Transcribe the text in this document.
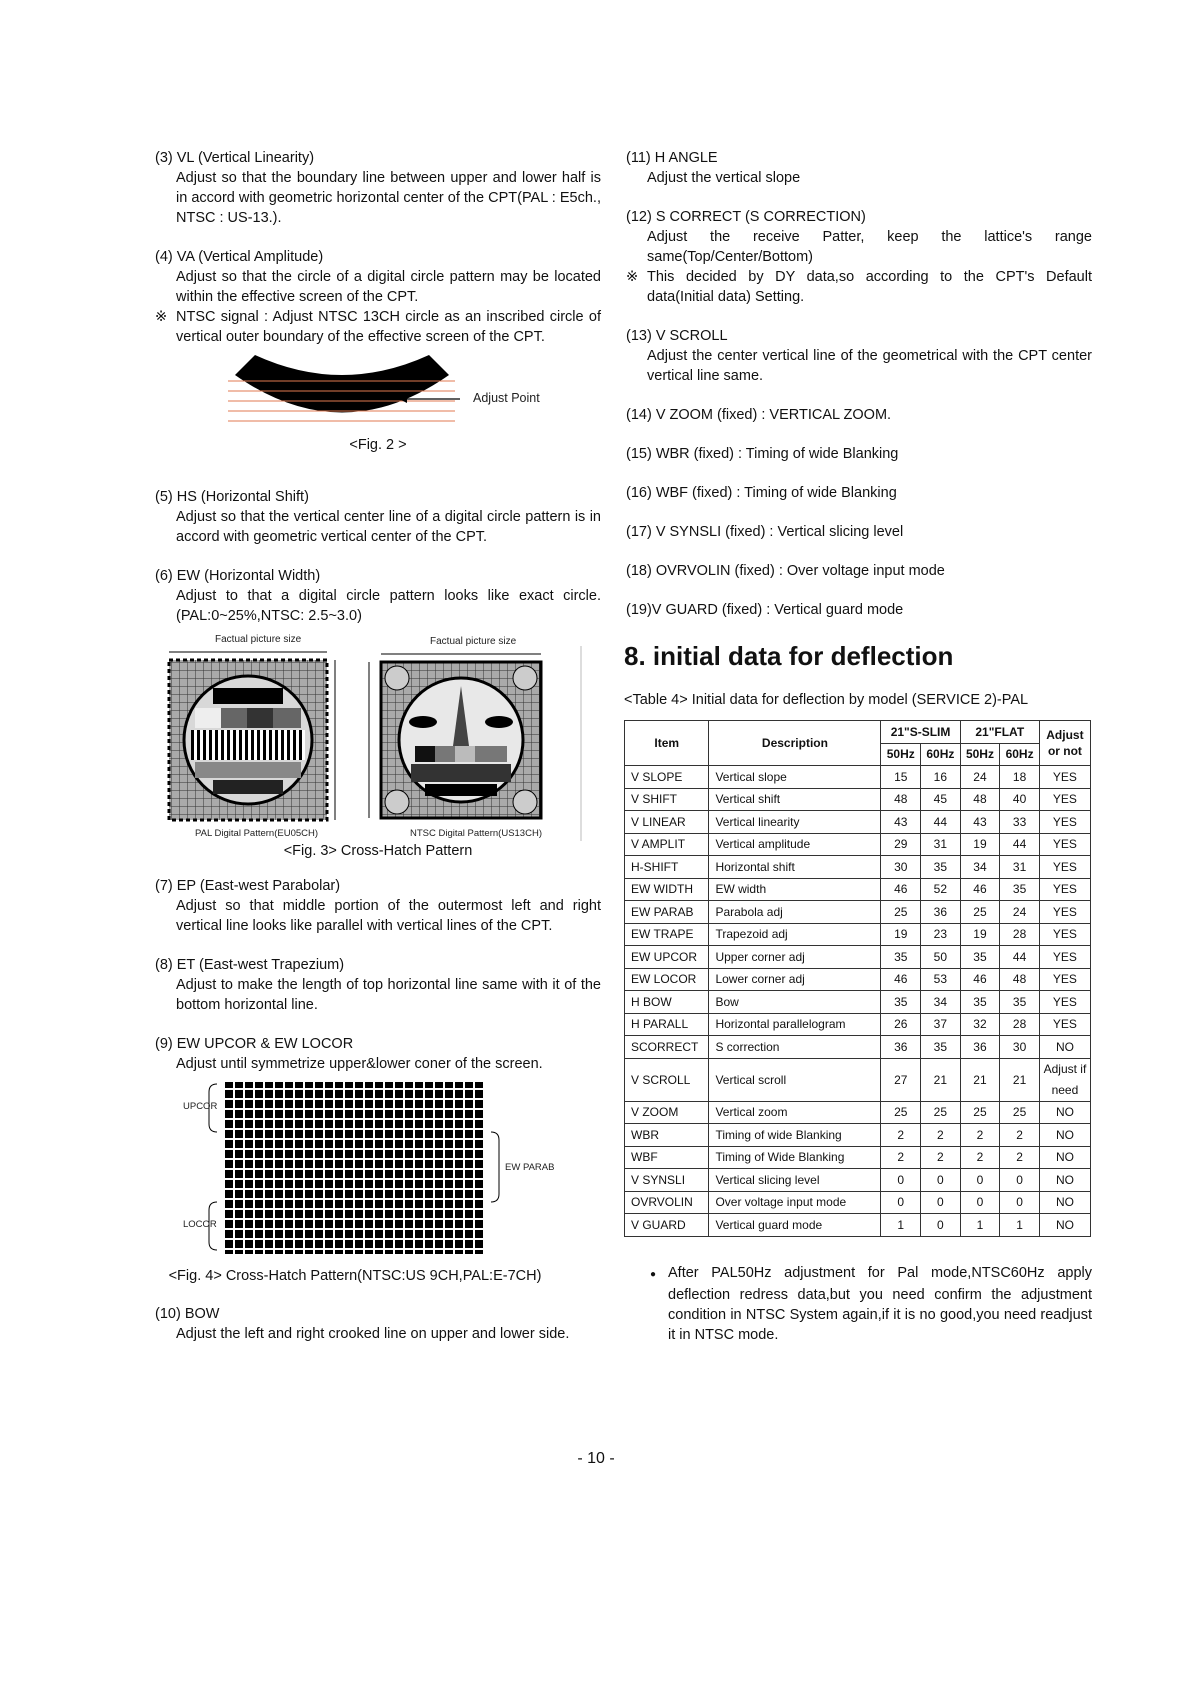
(3) VL (Vertical Linearity)

Adjust so that the boundary line between upper and lower half is in accord with geometric horizontal center of the CPT(PAL : E5ch., NTSC : US-13.).

(4) VA (Vertical Amplitude)

Adjust so that the circle of a digital circle pattern may be located within the effective screen of the CPT.

※ NTSC signal : Adjust NTSC 13CH circle as an inscribed circle of vertical outer boundary of the effective screen of the CPT.

Adjust Point
<Fig. 2 >

(5) HS (Horizontal Shift)

Adjust so that the vertical center line of a digital circle pattern is in accord with geometric vertical center of the CPT.

(6) EW (Horizontal Width)

Adjust to that a digital circle pattern looks like exact circle.(PAL:0~25%,NTSC: 2.5~3.0)

Factual picture size	Factual picture size
PAL Digital Pattern(EU05CH)	NTSC Digital Pattern(US13CH)
<Fig. 3> Cross-Hatch Pattern

(7) EP (East-west Parabolar)

Adjust so that middle portion of the outermost left and right vertical line looks like parallel with vertical lines of the CPT.

(8) ET (East-west Trapezium)

Adjust to make the length of top horizontal line same with it of the bottom horizontal line.

(9) EW UPCOR & EW LOCOR

Adjust until symmetrize upper&lower coner of the screen.

UPCOR
LOCOR
EW PARAB
<Fig. 4> Cross-Hatch Pattern(NTSC:US 9CH,PAL:E-7CH)

(10) BOW

Adjust the left and right crooked line on upper and lower side.

(11) H ANGLE

Adjust the vertical slope

(12) S CORRECT (S CORRECTION)

Adjust the receive Patter, keep the lattice's range same(Top/Center/Bottom)

※ This decided by DY data,so according to the CPT's Default data(Initial data) Setting.

(13) V SCROLL

Adjust the center vertical line of the geometrical with the CPT center vertical line same.

(14) V ZOOM (fixed) : VERTICAL ZOOM.

(15) WBR (fixed) : Timing of wide Blanking

(16) WBF (fixed) : Timing of wide Blanking

(17) V SYNSLI (fixed) : Vertical slicing level

(18) OVRVOLIN (fixed) : Over voltage input mode

(19)V GUARD (fixed) : Vertical guard mode

8. initial data for deflection

<Table 4> Initial data for deflection by model (SERVICE 2)-PAL

Item	Description	21"S-SLIM		21"FLAT		Adjust or not
		50Hz	60Hz	50Hz	60Hz	
V SLOPE	Vertical slope	15	16	24	18	YES
V SHIFT	Vertical shift	48	45	48	40	YES
V LINEAR	Vertical linearity	43	44	43	33	YES
V AMPLIT	Vertical amplitude	29	31	19	44	YES
H-SHIFT	Horizontal shift	30	35	34	31	YES
EW WIDTH	EW width	46	52	46	35	YES
EW PARAB	Parabola adj	25	36	25	24	YES
EW TRAPE	Trapezoid adj	19	23	19	28	YES
EW UPCOR	Upper corner adj	35	50	35	44	YES
EW LOCOR	Lower corner adj	46	53	46	48	YES
H BOW	Bow	35	34	35	35	YES
H PARALL	Horizontal parallelogram	26	37	32	28	YES
SCORRECT	S correction	36	35	36	30	NO
V SCROLL	Vertical scroll	27	21	21	21	Adjust if need
V ZOOM	Vertical zoom	25	25	25	25	NO
WBR	Timing of wide Blanking	2	2	2	2	NO
WBF	Timing of Wide Blanking	2	2	2	2	NO
V SYNSLI	Vertical slicing level	0	0	0	0	NO
OVRVOLIN	Over voltage input mode	0	0	0	0	NO
V GUARD	Vertical guard mode	1	0	1	1	NO

● After PAL50Hz adjustment for Pal mode,NTSC60Hz apply deflection redress data,but you need confirm the adjustment condition in NTSC System again,if it is no good,you need readjust it in NTSC mode.

- 10 -
